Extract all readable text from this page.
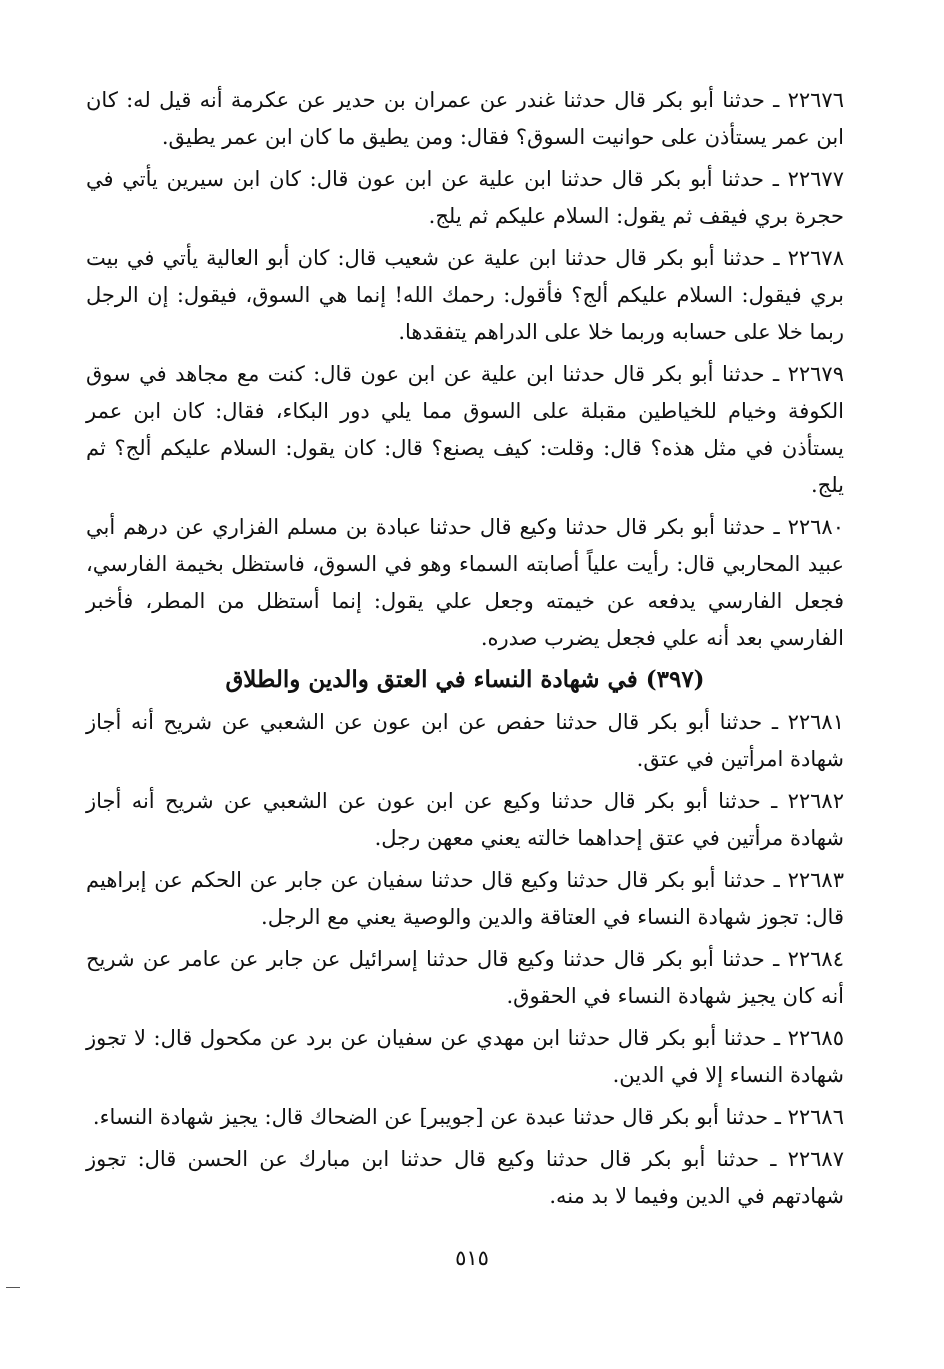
٢٢٦٧٦ ـ حدثنا أبو بكر قال حدثنا غندر عن عمران بن حدير عن عكرمة أنه قيل له: كان ابن عمر يستأذن على حوانيت السوق؟ فقال: ومن يطيق ما كان ابن عمر يطيق.

٢٢٦٧٧ ـ حدثنا أبو بكر قال حدثنا ابن علية عن ابن عون قال: كان ابن سيرين يأتي في حجرة بري فيقف ثم يقول: السلام عليكم ثم يلج.

٢٢٦٧٨ ـ حدثنا أبو بكر قال حدثنا ابن علية عن شعيب قال: كان أبو العالية يأتي في بيت بري فيقول: السلام عليكم ألج؟ فأقول: رحمك الله! إنما هي السوق، فيقول: إن الرجل ربما خلا على حسابه وربما خلا على الدراهم يتفقدها.

٢٢٦٧٩ ـ حدثنا أبو بكر قال حدثنا ابن علية عن ابن عون قال: كنت مع مجاهد في سوق الكوفة وخيام للخياطين مقبلة على السوق مما يلي دور البكاء، فقال: كان ابن عمر يستأذن في مثل هذه؟ قال: وقلت: كيف يصنع؟ قال: كان يقول: السلام عليكم ألج؟ ثم يلج.

٢٢٦٨٠ ـ حدثنا أبو بكر قال حدثنا وكيع قال حدثنا عبادة بن مسلم الفزاري عن درهم أبي عبيد المحاربي قال: رأيت علياً أصابته السماء وهو في السوق، فاستظل بخيمة الفارسي، فجعل الفارسي يدفعه عن خيمته وجعل علي يقول: إنما أستظل من المطر، فأخبر الفارسي بعد أنه علي فجعل يضرب صدره.

(٣٩٧) في شهادة النساء في العتق والدين والطلاق

٢٢٦٨١ ـ حدثنا أبو بكر قال حدثنا حفص عن ابن عون عن الشعبي عن شريح أنه أجاز شهادة امرأتين في عتق.

٢٢٦٨٢ ـ حدثنا أبو بكر قال حدثنا وكيع عن ابن عون عن الشعبي عن شريح أنه أجاز شهادة مرأتين في عتق إحداهما خالته يعني معهن رجل.

٢٢٦٨٣ ـ حدثنا أبو بكر قال حدثنا وكيع قال حدثنا سفيان عن جابر عن الحكم عن إبراهيم قال: تجوز شهادة النساء في العتاقة والدين والوصية يعني مع الرجل.

٢٢٦٨٤ ـ حدثنا أبو بكر قال حدثنا وكيع قال حدثنا إسرائيل عن جابر عن عامر عن شريح أنه كان يجيز شهادة النساء في الحقوق.

٢٢٦٨٥ ـ حدثنا أبو بكر قال حدثنا ابن مهدي عن سفيان عن برد عن مكحول قال: لا تجوز شهادة النساء إلا في الدين.

٢٢٦٨٦ ـ حدثنا أبو بكر قال حدثنا عبدة عن [جويبر] عن الضحاك قال: يجيز شهادة النساء.

٢٢٦٨٧ ـ حدثنا أبو بكر قال حدثنا وكيع قال حدثنا ابن مبارك عن الحسن قال: تجوز شهادتهم في الدين وفيما لا بد منه.

٥١٥
